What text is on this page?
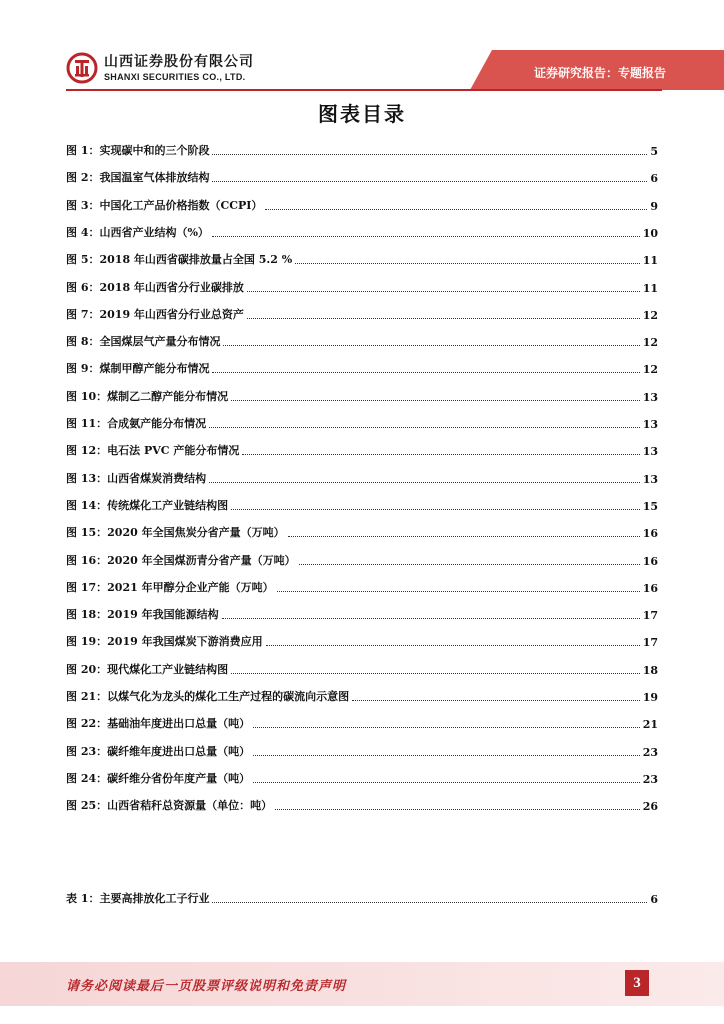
山西证券股份有限公司
SHANXI SECURITIES CO., LTD.	证券研究报告：专题报告
图表目录
图 1：实现碳中和的三个阶段	5
图 2：我国温室气体排放结构	6
图 3：中国化工产品价格指数（CCPI）	9
图 4：山西省产业结构（%）	10
图 5：2018 年山西省碳排放量占全国 5.2 %	11
图 6：2018 年山西省分行业碳排放	11
图 7：2019 年山西省分行业总资产	12
图 8：全国煤层气产量分布情况	12
图 9：煤制甲醇产能分布情况	12
图 10：煤制乙二醇产能分布情况	13
图 11：合成氨产能分布情况	13
图 12：电石法 PVC 产能分布情况	13
图 13：山西省煤炭消费结构	13
图 14：传统煤化工产业链结构图	15
图 15：2020 年全国焦炭分省产量（万吨）	16
图 16：2020 年全国煤沥青分省产量（万吨）	16
图 17：2021 年甲醇分企业产能（万吨）	16
图 18：2019 年我国能源结构	17
图 19：2019 年我国煤炭下游消费应用	17
图 20：现代煤化工产业链结构图	18
图 21：以煤气化为龙头的煤化工生产过程的碳流向示意图	19
图 22：基础油年度进出口总量（吨）	21
图 23：碳纤维年度进出口总量（吨）	23
图 24：碳纤维分省份年度产量（吨）	23
图 25：山西省秸秆总资源量（单位：吨）	26
表 1：主要高排放化工子行业	6
请务必阅读最后一页股票评级说明和免责声明	3
